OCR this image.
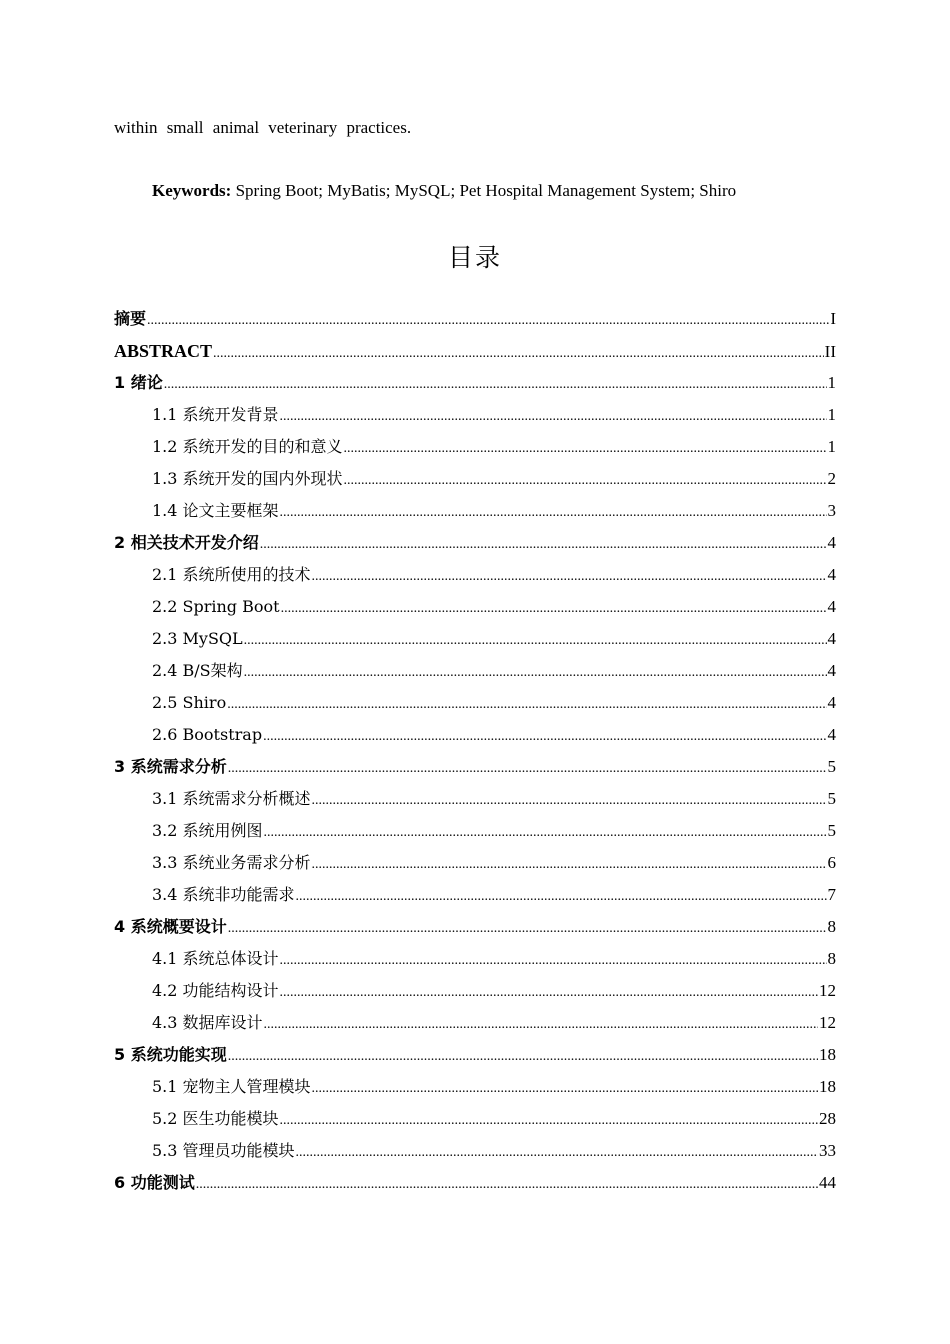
within small animal veterinary practices.
Keywords: Spring Boot; MyBatis; MySQL; Pet Hospital Management System; Shiro
目录
摘要 .....	I
ABSTRACT .....	II
1 绪论 .....	1
1.1 系统开发背景 .....	1
1.2 系统开发的目的和意义 .....	1
1.3 系统开发的国内外现状 .....	2
1.4 论文主要框架 .....	3
2 相关技术开发介绍 .....	4
2.1 系统所使用的技术 .....	4
2.2 Spring Boot .....	4
2.3 MySQL .....	4
2.4 B/S架构 .....	4
2.5 Shiro .....	4
2.6 Bootstrap .....	4
3 系统需求分析 .....	5
3.1 系统需求分析概述 .....	5
3.2 系统用例图 .....	5
3.3 系统业务需求分析 .....	6
3.4 系统非功能需求 .....	7
4 系统概要设计 .....	8
4.1 系统总体设计 .....	8
4.2 功能结构设计 .....	12
4.3 数据库设计 .....	12
5 系统功能实现 .....	18
5.1 宠物主人管理模块 .....	18
5.2 医生功能模块 .....	28
5.3 管理员功能模块 .....	33
6 功能测试 .....	44
